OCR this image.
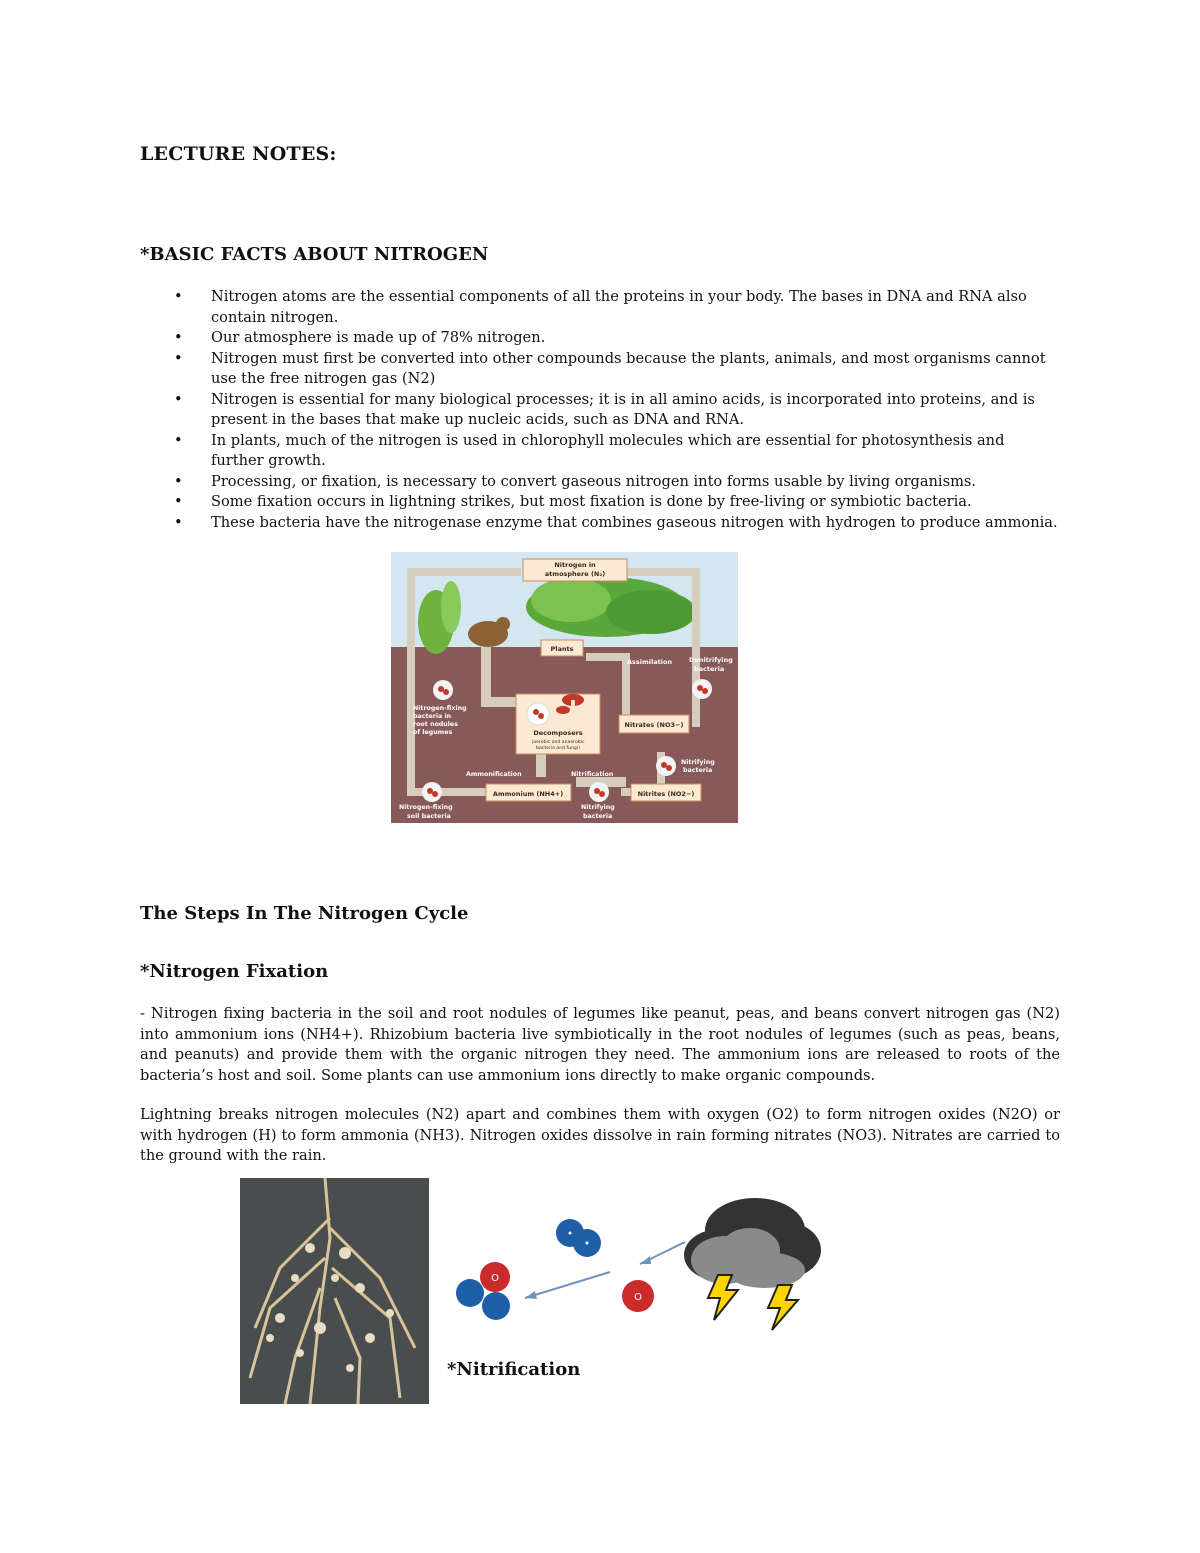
LECTURE NOTES:
*BASIC FACTS ABOUT NITROGEN
• Nitrogen atoms are the essential components of all the proteins in your body. The bases in DNA and RNA also contain nitrogen.
• Our atmosphere is made up of 78% nitrogen.
• Nitrogen must first be converted into other compounds because the plants, animals, and most organisms cannot use the free nitrogen gas (N2)
• Nitrogen is essential for many biological processes; it is in all amino acids, is incorporated into proteins, and is present in the bases that make up nucleic acids, such as DNA and RNA.
• In plants, much of the nitrogen is used in chlorophyll molecules which are essential for photosynthesis and further growth.
• Processing, or fixation, is necessary to convert gaseous nitrogen into forms usable by living organisms.
• Some fixation occurs in lightning strikes, but most fixation is done by free-living or symbiotic bacteria.
• These bacteria have the nitrogenase enzyme that combines gaseous nitrogen with hydrogen to produce ammonia.
Nitrogen in
atmosphere (N₂)
Plants
Assimilation	Denitrifying
bacteria
Nitrogen-fixing
bacteria in
root nodules
of legumes	Decomposers
(aerobic and anaerobic
bacteria and fungi)
Nitrates (NO3−)
Ammonification	Nitrification
Nitrifying
bacteria
Ammonium (NH4+)	Nitrites (NO2−)
Nitrogen-fixing
soil bacteria
Nitrifying
bacteria
The Steps In The Nitrogen Cycle
*Nitrogen Fixation

- Nitrogen fixing bacteria in the soil and root nodules of legumes like peanut, peas, and beans convert nitrogen gas (N2) into ammonium ions (NH4+). Rhizobium bacteria live symbiotically in the root nodules of legumes (such as peas, beans, and peanuts) and provide them with the organic nitrogen they need. The ammonium ions are released to roots of the bacteria’s host and soil. Some plants can use ammonium ions directly to make organic compounds.

Lightning breaks nitrogen molecules (N2) apart and combines them with oxygen (O2) to form nitrogen oxides (N2O) or with hydrogen (H) to form ammonia (NH3). Nitrogen oxides dissolve in rain forming nitrates (NO3). Nitrates are carried to the ground with the rain.

O
O
*Nitrification
